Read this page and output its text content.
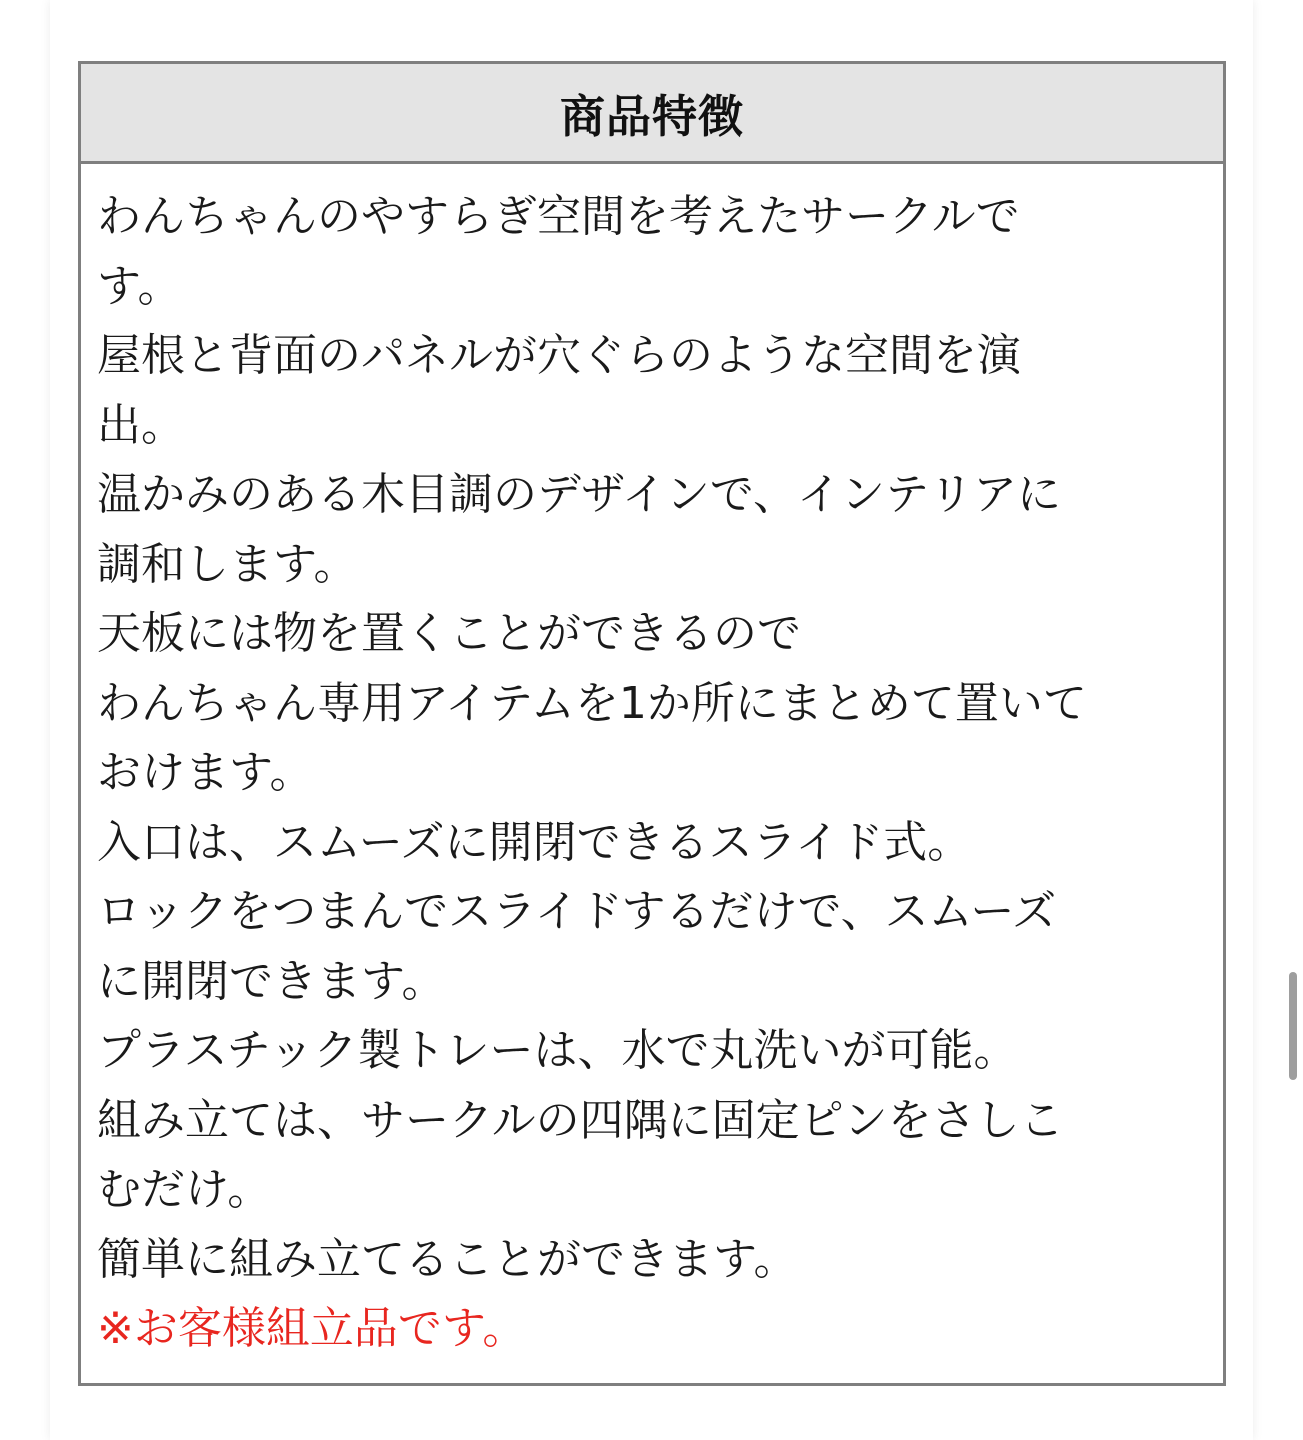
商品特徴
わんちゃんのやすらぎ空間を考えたサークルで
す。
屋根と背面のパネルが穴ぐらのような空間を演
出。
温かみのある木目調のデザインで、インテリアに
調和します。
天板には物を置くことができるので
わんちゃん専用アイテムを1か所にまとめて置いて
おけます。
入口は、スムーズに開閉できるスライド式。
ロックをつまんでスライドするだけで、スムーズ
に開閉できます。
プラスチック製トレーは、水で丸洗いが可能。
組み立ては、サークルの四隅に固定ピンをさしこ
むだけ。
簡単に組み立てることができます。
※お客様組立品です。
